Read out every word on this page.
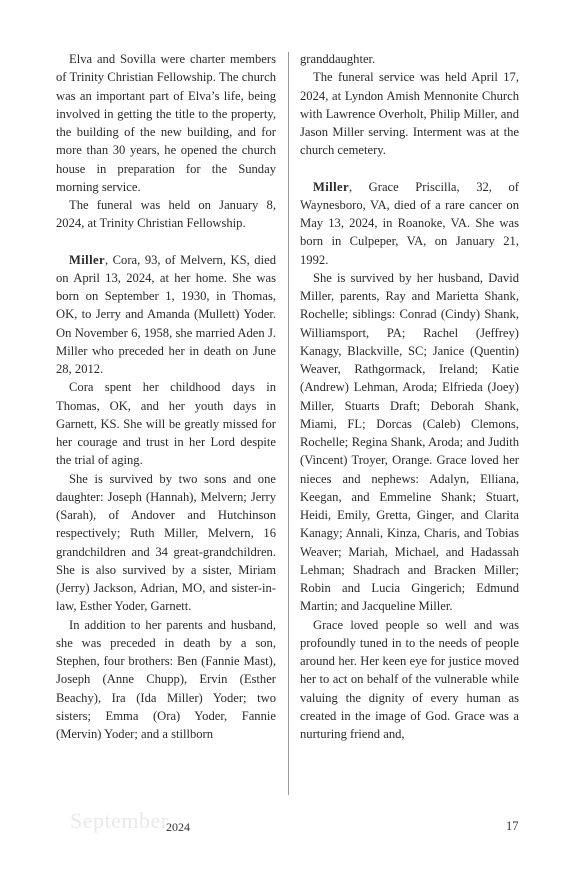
Elva and Sovilla were charter members of Trinity Christian Fellowship. The church was an important part of Elva’s life, being involved in getting the title to the property, the building of the new building, and for more than 30 years, he opened the church house in preparation for the Sunday morning service.

The funeral was held on January 8, 2024, at Trinity Christian Fellowship.

Miller, Cora, 93, of Melvern, KS, died on April 13, 2024, at her home. She was born on September 1, 1930, in Thomas, OK, to Jerry and Amanda (Mullett) Yoder. On November 6, 1958, she married Aden J. Miller who preceded her in death on June 28, 2012.

Cora spent her childhood days in Thomas, OK, and her youth days in Garnett, KS. She will be greatly missed for her courage and trust in her Lord despite the trial of aging.

She is survived by two sons and one daughter: Joseph (Hannah), Melvern; Jerry (Sarah), of Andover and Hutchinson respectively; Ruth Miller, Melvern, 16 grandchildren and 34 great-grandchildren. She is also survived by a sister, Miriam (Jerry) Jackson, Adrian, MO, and sister-in-law, Esther Yoder, Garnett.

In addition to her parents and husband, she was preceded in death by a son, Stephen, four brothers: Ben (Fannie Mast), Joseph (Anne Chupp), Ervin (Esther Beachy), Ira (Ida Miller) Yoder; two sisters; Emma (Ora) Yoder, Fannie (Mervin) Yoder; and a stillborn

granddaughter.

The funeral service was held April 17, 2024, at Lyndon Amish Mennonite Church with Lawrence Overholt, Philip Miller, and Jason Miller serving. Interment was at the church cemetery.

Miller, Grace Priscilla, 32, of Waynesboro, VA, died of a rare cancer on May 13, 2024, in Roanoke, VA. She was born in Culpeper, VA, on January 21, 1992.

She is survived by her husband, David Miller, parents, Ray and Marietta Shank, Rochelle; siblings: Conrad (Cindy) Shank, Williamsport, PA; Rachel (Jeffrey) Kanagy, Blackville, SC; Janice (Quentin) Weaver, Rathgormack, Ireland; Katie (Andrew) Lehman, Aroda; Elfrieda (Joey) Miller, Stuarts Draft; Deborah Shank, Miami, FL; Dorcas (Caleb) Clemons, Rochelle; Regina Shank, Aroda; and Judith (Vincent) Troyer, Orange. Grace loved her nieces and nephews: Adalyn, Elliana, Keegan, and Emmeline Shank; Stuart, Heidi, Emily, Gretta, Ginger, and Clarita Kanagy; Annali, Kinza, Charis, and Tobias Weaver; Mariah, Michael, and Hadassah Lehman; Shadrach and Bracken Miller; Robin and Lucia Gingerich; Edmund Martin; and Jacqueline Miller.

Grace loved people so well and was profoundly tuned in to the needs of people around her. Her keen eye for justice moved her to act on behalf of the vulnerable while valuing the dignity of every human as created in the image of God. Grace was a nurturing friend and,

September
2024	17
